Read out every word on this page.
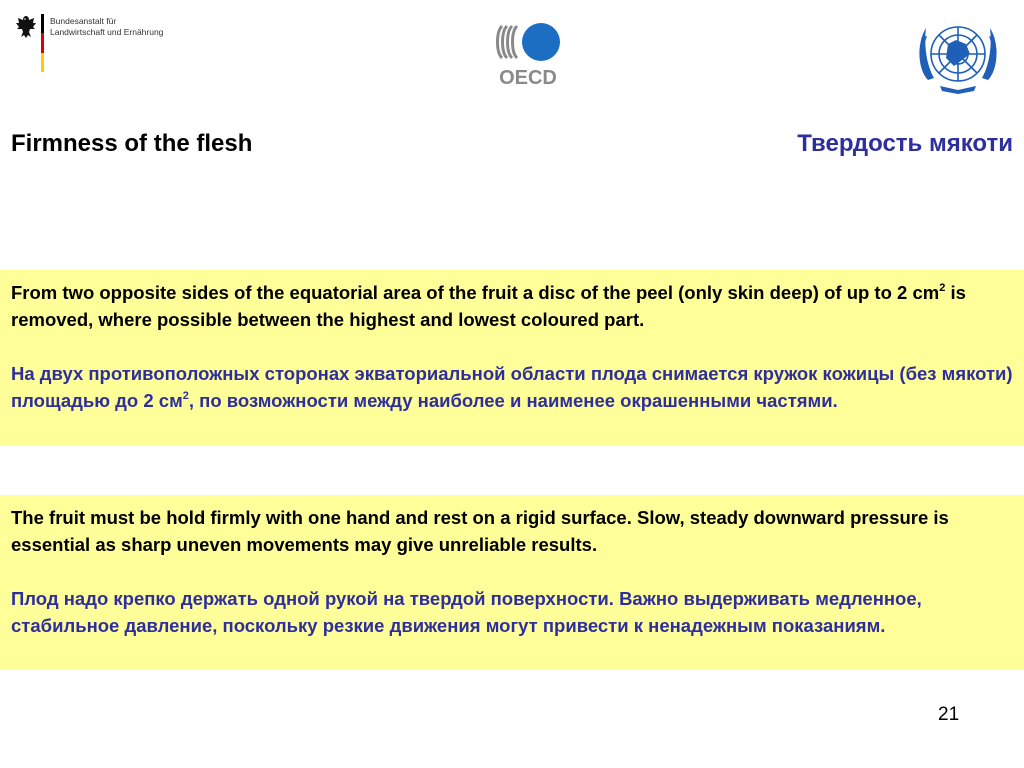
Bundesanstalt für
Landwirtschaft und Ernährung
OECD
Firmness of the flesh	Твердость мякоти

From two opposite sides of the equatorial area of the fruit a disc of the peel (only skin deep) of up to 2 $cm^2$ is removed, where possible between the highest and lowest coloured part.

На двух противоположных сторонах экваториальной области плода снимается кружок кожицы (без мякоти) площадью до 2 $см^2$, по возможности между наиболее и наименее окрашенными частями.

The fruit must be hold firmly with one hand and rest on a rigid surface. Slow, steady downward pressure is essential as sharp uneven movements may give unreliable results.

Плод надо крепко держать одной рукой на твердой поверхности. Важно выдерживать медленное, стабильное давление, поскольку резкие движения могут привести к ненадежным показаниям.

21
